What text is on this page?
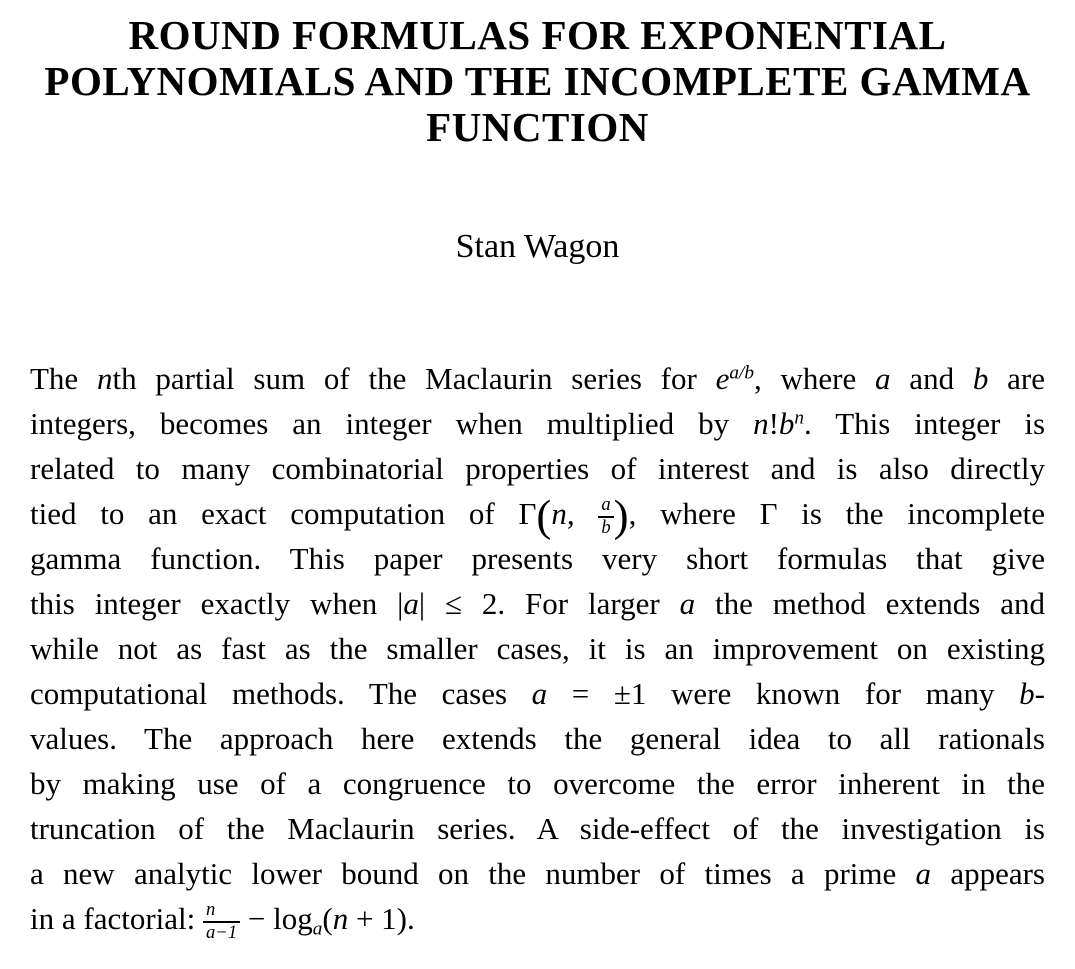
ROUND FORMULAS FOR EXPONENTIAL
POLYNOMIALS AND THE INCOMPLETE GAMMA
FUNCTION
Stan Wagon
The nth partial sum of the Maclaurin series for $e^{a/b}$, where a and b are
integers, becomes an integer when multiplied by $n!b^n$. This integer is
related to many combinatorial properties of interest and is also directly
tied to an exact computation of Γ(n, $\frac{a}{b}$ ), where Γ is the incomplete
gamma function. This paper presents very short formulas that give
this integer exactly when |a| ≤ 2. For larger a the method extends and
while not as fast as the smaller cases, it is an improvement on existing
computational methods. The cases a = ±1 were known for many b-
values. The approach here extends the general idea to all rationals
by making use of a congruence to overcome the error inherent in the
truncation of the Maclaurin series. A side-effect of the investigation is
a new analytic lower bound on the number of times a prime a appears
in a factorial: $\frac{n}{a-1} - \log_a(n + 1)$.
